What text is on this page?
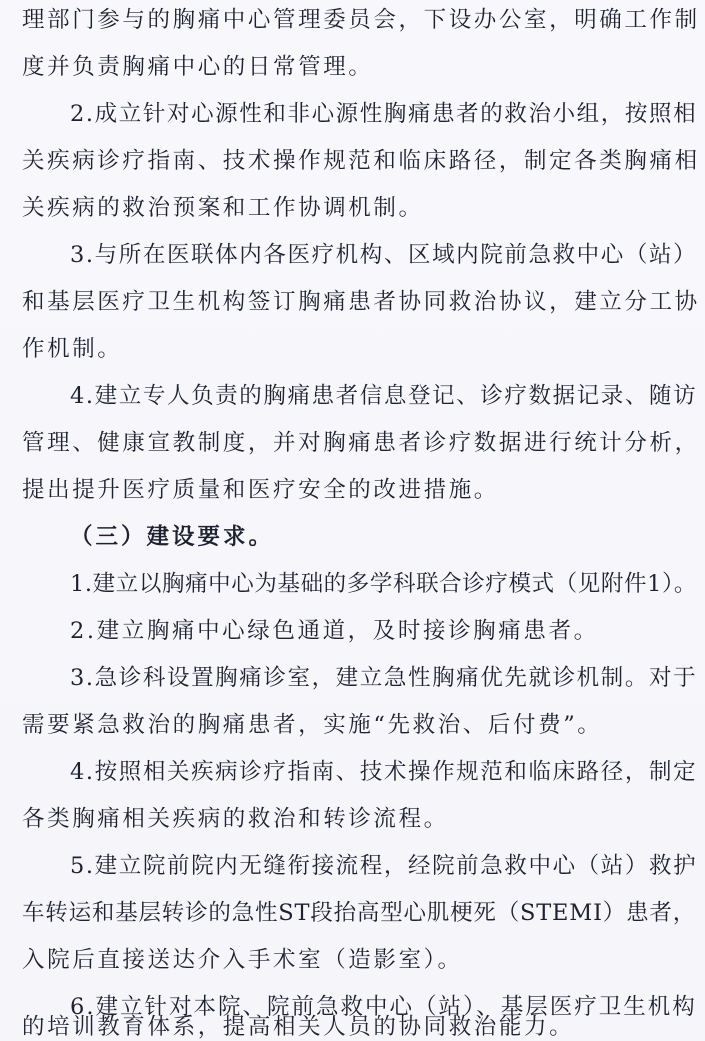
理部门参与的胸痛中心管理委员会，下设办公室，明确工作制
度并负责胸痛中心的日常管理。
2.成立针对心源性和非心源性胸痛患者的救治小组，按照相
关疾病诊疗指南、技术操作规范和临床路径，制定各类胸痛相
关疾病的救治预案和工作协调机制。
3.与所在医联体内各医疗机构、区域内院前急救中心（站）
和基层医疗卫生机构签订胸痛患者协同救治协议，建立分工协
作机制。
4.建立专人负责的胸痛患者信息登记、诊疗数据记录、随访
管理、健康宣教制度，并对胸痛患者诊疗数据进行统计分析，
提出提升医疗质量和医疗安全的改进措施。
（三）建设要求。
1.建立以胸痛中心为基础的多学科联合诊疗模式（见附件1）。
2.建立胸痛中心绿色通道，及时接诊胸痛患者。
3.急诊科设置胸痛诊室，建立急性胸痛优先就诊机制。对于
需要紧急救治的胸痛患者，实施“先救治、后付费”。
4.按照相关疾病诊疗指南、技术操作规范和临床路径，制定
各类胸痛相关疾病的救治和转诊流程。
5.建立院前院内无缝衔接流程，经院前急救中心（站）救护
车转运和基层转诊的急性ST段抬高型心肌梗死（STEMI）患者，
入院后直接送达介入手术室（造影室）。
6.建立针对本院、院前急救中心（站）、基层医疗卫生机构
的培训教育体系，提高相关人员的协同救治能力。
